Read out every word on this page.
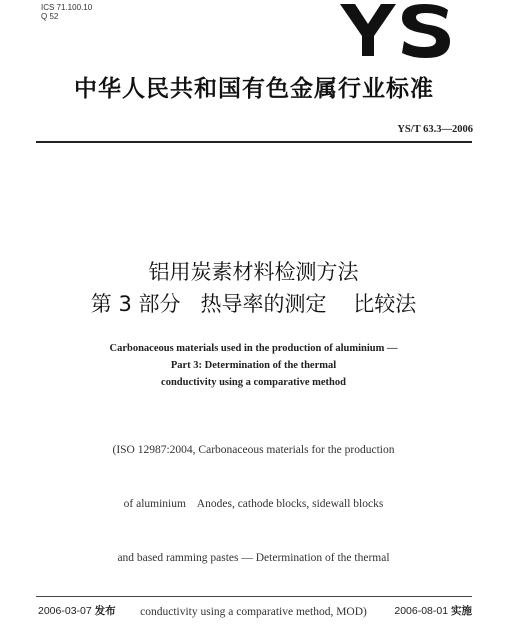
ICS 71.100.10
Q 52
中华人民共和国有色金属行业标准
YS/T 63.3—2006
铝用炭素材料检测方法
第 3 部分   热导率的测定    比较法
Carbonaceous materials used in the production of aluminium —
Part 3: Determination of the thermal
conductivity using a comparative method

(ISO 12987:2004, Carbonaceous materials for the production

of aluminium    Anodes, cathode blocks, sidewall blocks

and based ramming pastes — Determination of the thermal

conductivity using a comparative method, MOD)

2006-03-07 发布	2006-08-01 实施
